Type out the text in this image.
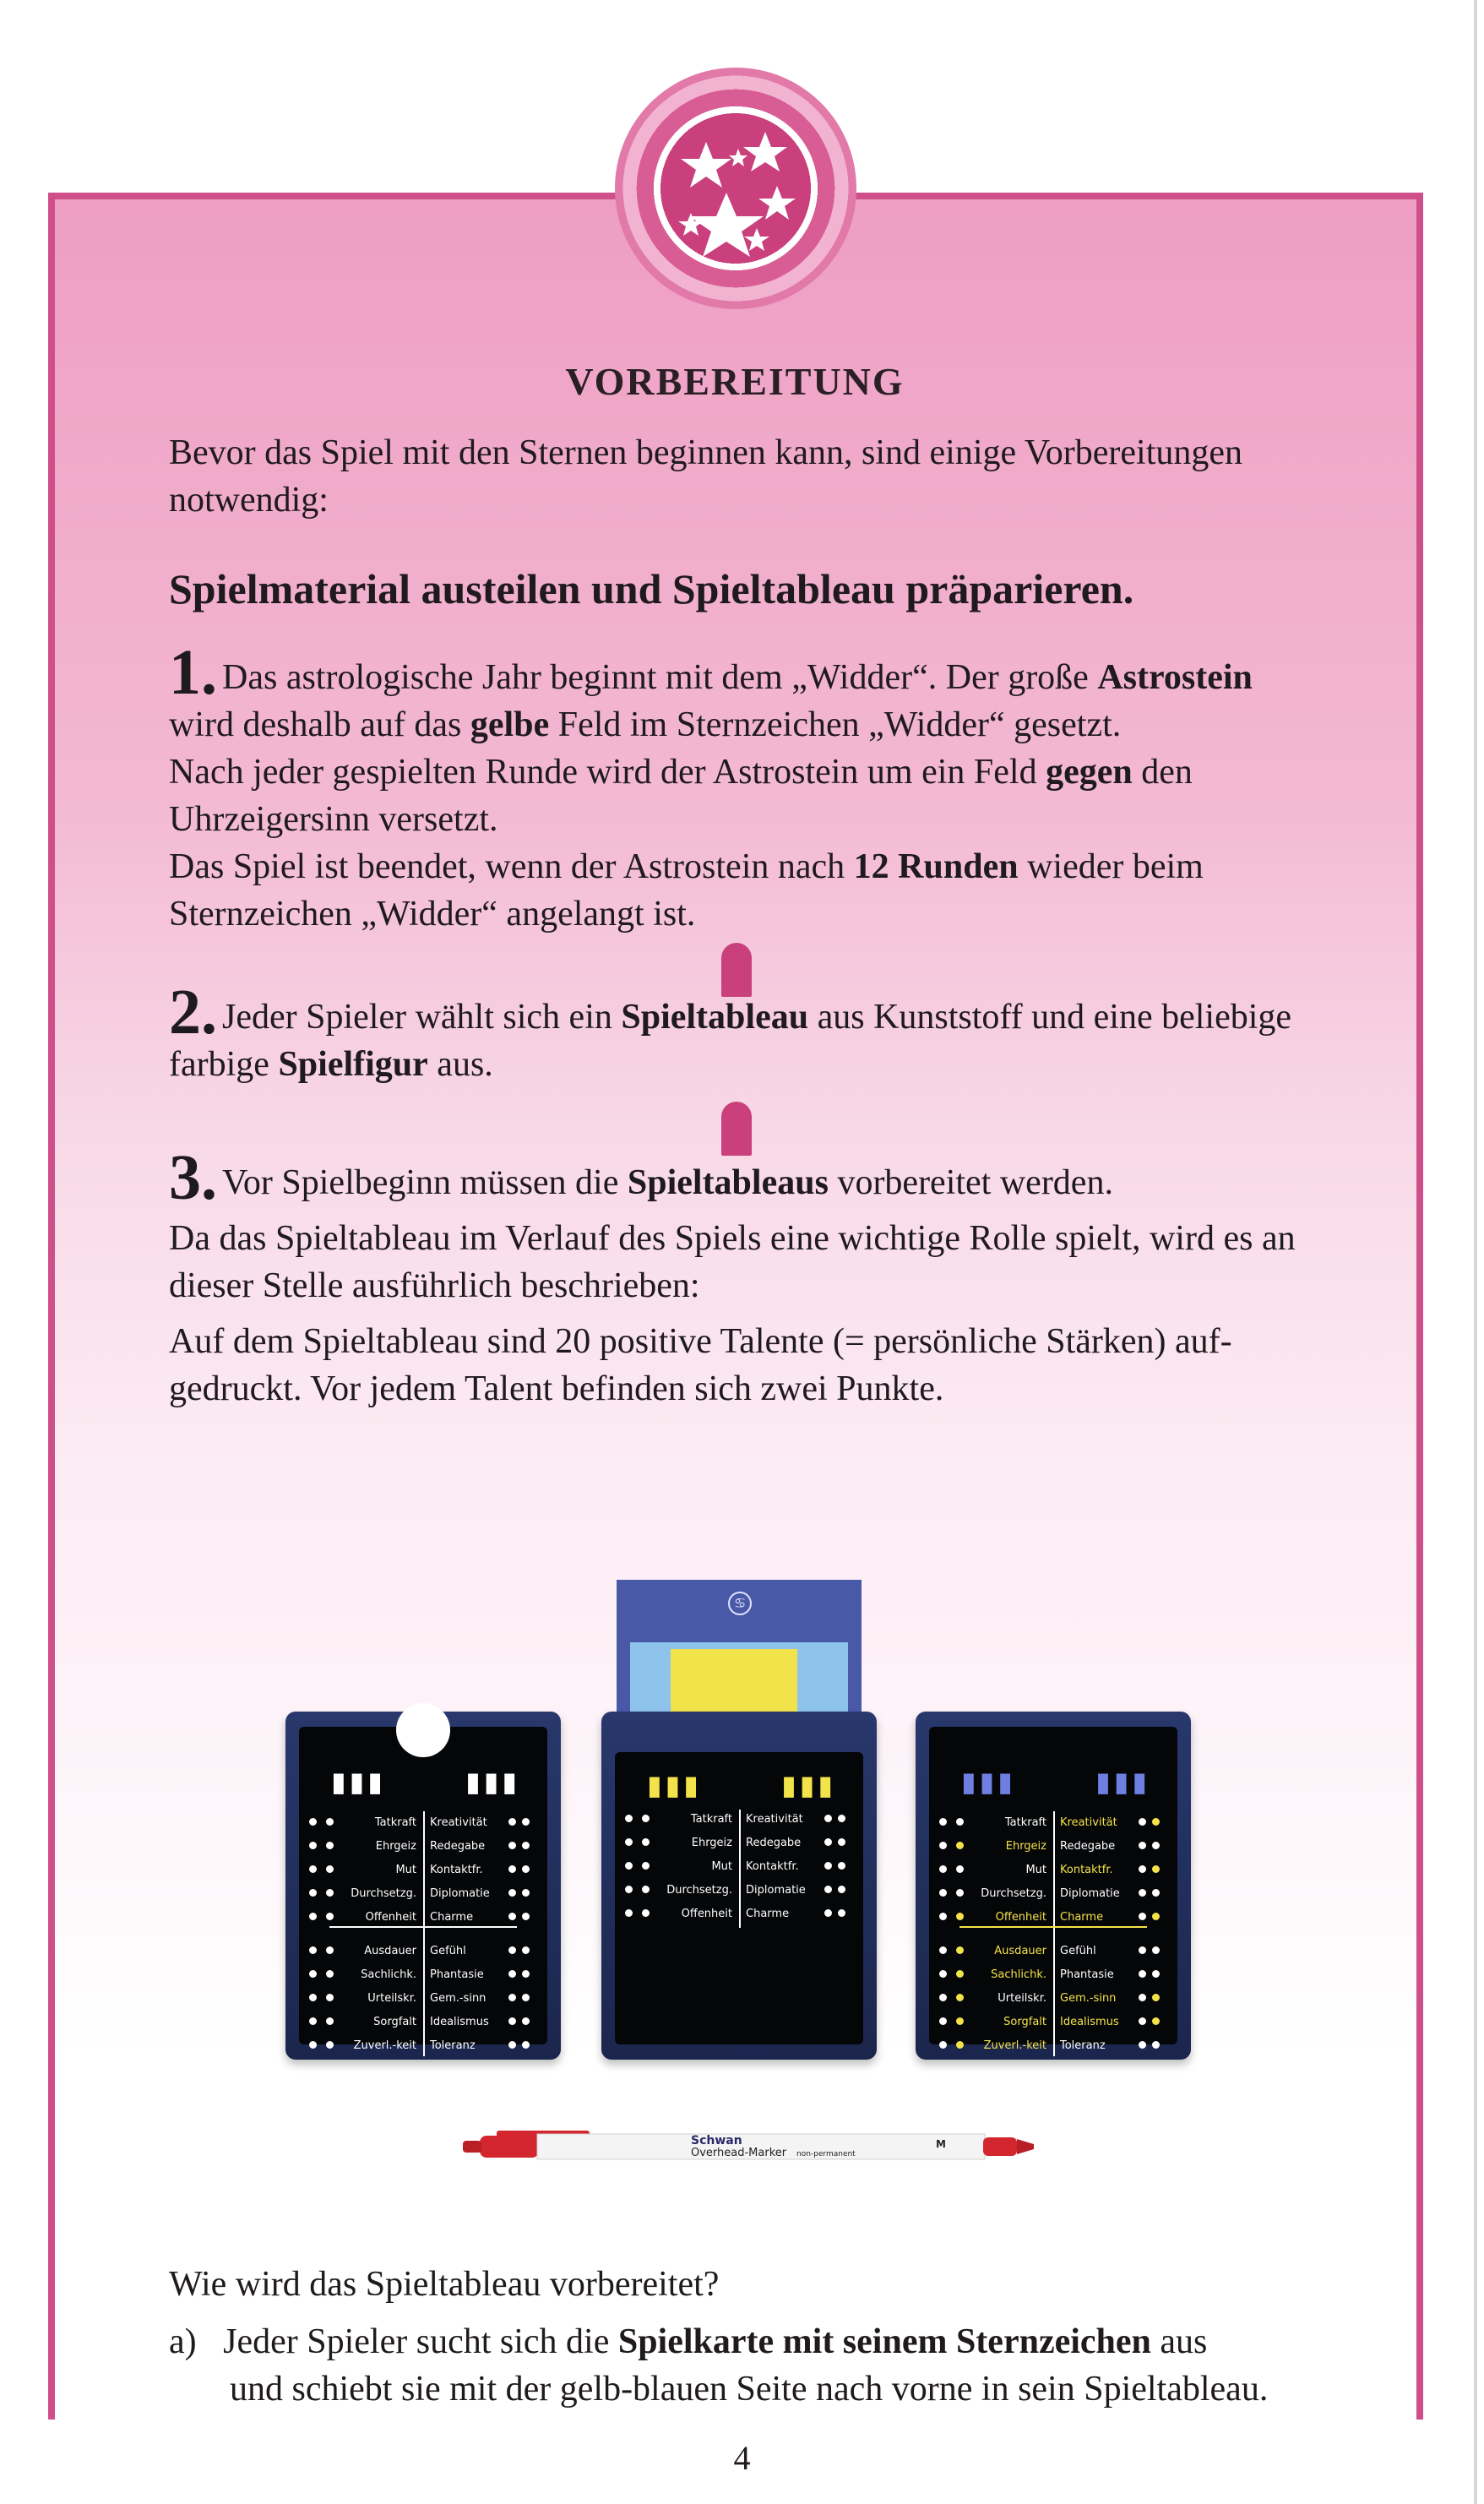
VORBEREITUNG
Bevor das Spiel mit den Sternen beginnen kann, sind einige Vorbereitungen
notwendig:
Spielmaterial austeilen und Spieltableau präparieren.
1. Das astrologische Jahr beginnt mit dem „Widder“. Der große Astrostein
wird deshalb auf das gelbe Feld im Sternzeichen „Widder“ gesetzt.
Nach jeder gespielten Runde wird der Astrostein um ein Feld gegen den
Uhrzeigersinn versetzt.
Das Spiel ist beendet, wenn der Astrostein nach 12 Runden wieder beim
Sternzeichen „Widder“ angelangt ist.
2. Jeder Spieler wählt sich ein Spieltableau aus Kunststoff und eine beliebige
farbige Spielfigur aus.
3. Vor Spielbeginn müssen die Spieltableaus vorbereitet werden.
Da das Spieltableau im Verlauf des Spiels eine wichtige Rolle spielt, wird es an
dieser Stelle ausführlich beschrieben:
Auf dem Spieltableau sind 20 positive Talente (= persönliche Stärken) auf-
gedruckt. Vor jedem Talent befinden sich zwei Punkte.
♋
▮▮▮	▮▮▮
Tatkraft Kreativität
Ehrgeiz Redegabe
Mut Kontaktfr.
Durchsetzg. Diplomatie
Offenheit Charme
Ausdauer Gefühl
Sachlichk. Phantasie
Urteilskr. Gem.-sinn
Sorgfalt Idealismus
Zuverl.-keit Toleranz
▮▮▮	▮▮▮
Tatkraft Kreativität
Ehrgeiz Redegabe
Mut Kontaktfr.
Durchsetzg. Diplomatie
Offenheit Charme
▮▮▮	▮▮▮
Tatkraft Kreativität
Ehrgeiz Redegabe
Mut Kontaktfr.
Durchsetzg. Diplomatie
Offenheit Charme
Ausdauer Gefühl
Sachlichk. Phantasie
Urteilskr. Gem.-sinn
Sorgfalt Idealismus
Zuverl.-keit Toleranz
Schwan
Overhead-Marker non-permanent
M
Wie wird das Spieltableau vorbereitet?
a) Jeder Spieler sucht sich die Spielkarte mit seinem Sternzeichen aus
und schiebt sie mit der gelb-blauen Seite nach vorne in sein Spieltableau.
4
